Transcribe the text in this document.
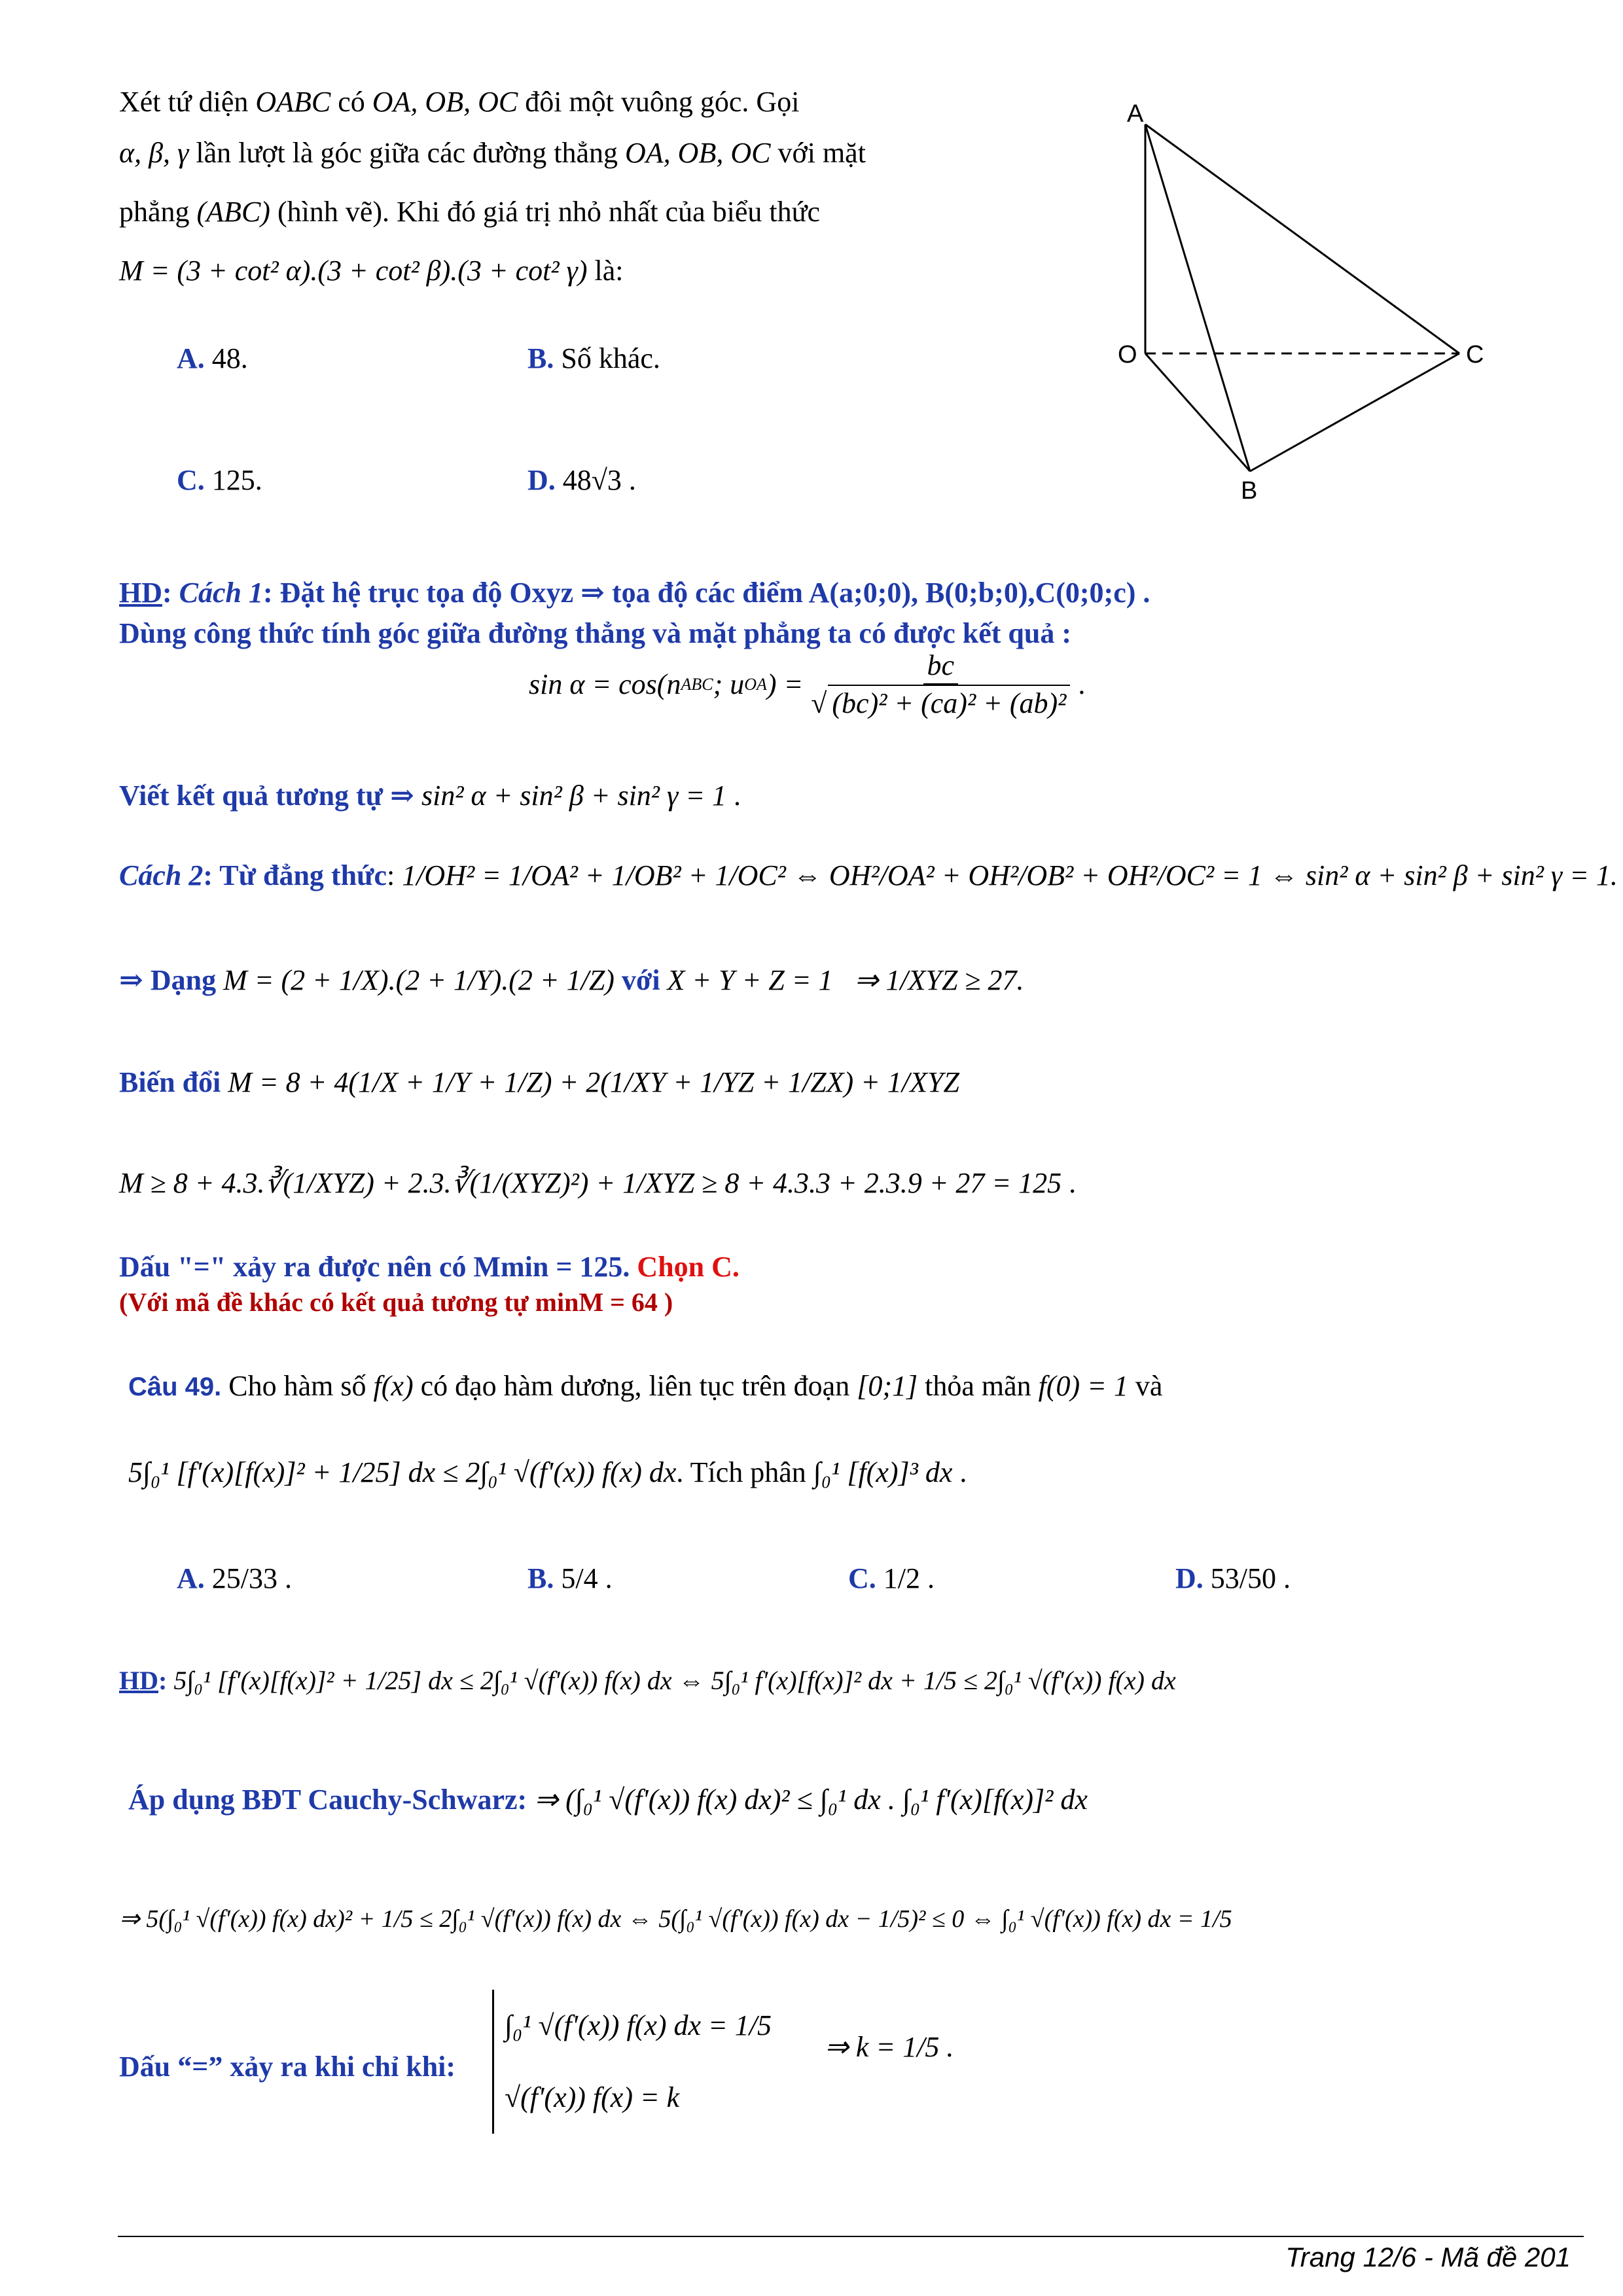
Xét tứ diện OABC có OA, OB, OC đôi một vuông góc. Gọi
α, β, γ lần lượt là góc giữa các đường thẳng OA, OB, OC với mặt
phẳng (ABC) (hình vẽ). Khi đó giá trị nhỏ nhất của biểu thức
M = (3 + cot² α).(3 + cot² β).(3 + cot² γ) là:
A. 48.	B. Số khác.
C. 125.	D. 48√3 .
A
O
B
C
HD: Cách 1: Đặt hệ trục tọa độ Oxyz ⇒ tọa độ các điểm A(a;0;0), B(0;b;0),C(0;0;c) .
Dùng công thức tính góc giữa đường thẳng và mặt phẳng ta có được kết quả :
sin α = cos(n ABC ; u OA ) = $\frac{bc}{\text{√ (bc)² + (ca)² + (ab)²}}$ .
Viết kết quả tương tự ⇒ sin² α + sin² β + sin² γ = 1 .
Cách 2: Từ đẳng thức: 1/OH² = 1/OA² + 1/OB² + 1/OC² ⇔ OH²/OA² + OH²/OB² + OH²/OC² = 1 ⇔ sin² α + sin² β + sin² γ = 1.
⇒ Dạng M = (2 + 1/X).(2 + 1/Y).(2 + 1/Z) với X + Y + Z = 1 ⇒ 1/XYZ ≥ 27.
Biến đổi M = 8 + 4(1/X + 1/Y + 1/Z) + 2(1/XY + 1/YZ + 1/ZX) + 1/XYZ
M ≥ 8 + 4.3.∛(1/XYZ) + 2.3.∛(1/(XYZ)²) + 1/XYZ ≥ 8 + 4.3.3 + 2.3.9 + 27 = 125 .
Dấu "=" xảy ra được nên có Mmin = 125. Chọn C.
(Với mã đề khác có kết quả tương tự minM = 64 )
Câu 49. Cho hàm số f(x) có đạo hàm dương, liên tục trên đoạn [0;1] thỏa mãn f(0) = 1 và
5∫₀¹ [f'(x)[f(x)]² + 1/25] dx ≤ 2∫₀¹ √(f'(x)) f(x) dx. Tích phân ∫₀¹ [f(x)]³ dx .
A. 25/33 .	B. 5/4 .	C. 1/2 .	D. 53/50 .
HD: 5∫₀¹ [f'(x)[f(x)]² + 1/25] dx ≤ 2∫₀¹ √(f'(x)) f(x) dx ⇔ 5∫₀¹ f'(x)[f(x)]² dx + 1/5 ≤ 2∫₀¹ √(f'(x)) f(x) dx
Áp dụng BĐT Cauchy-Schwarz: ⇒ (∫₀¹ √(f'(x)) f(x) dx)² ≤ ∫₀¹ dx . ∫₀¹ f'(x)[f(x)]² dx
⇒ 5(∫₀¹ √(f'(x)) f(x) dx)² + 1/5 ≤ 2∫₀¹ √(f'(x)) f(x) dx ⇔ 5(∫₀¹ √(f'(x)) f(x) dx − 1/5)² ≤ 0 ⇔ ∫₀¹ √(f'(x)) f(x) dx = 1/5
Dấu “=” xảy ra khi chỉ khi:
∫₀¹ √(f'(x)) f(x) dx = 1/5
√(f'(x)) f(x) = k
⇒ k = 1/5 .
Trang 12/6 - Mã đề 201
